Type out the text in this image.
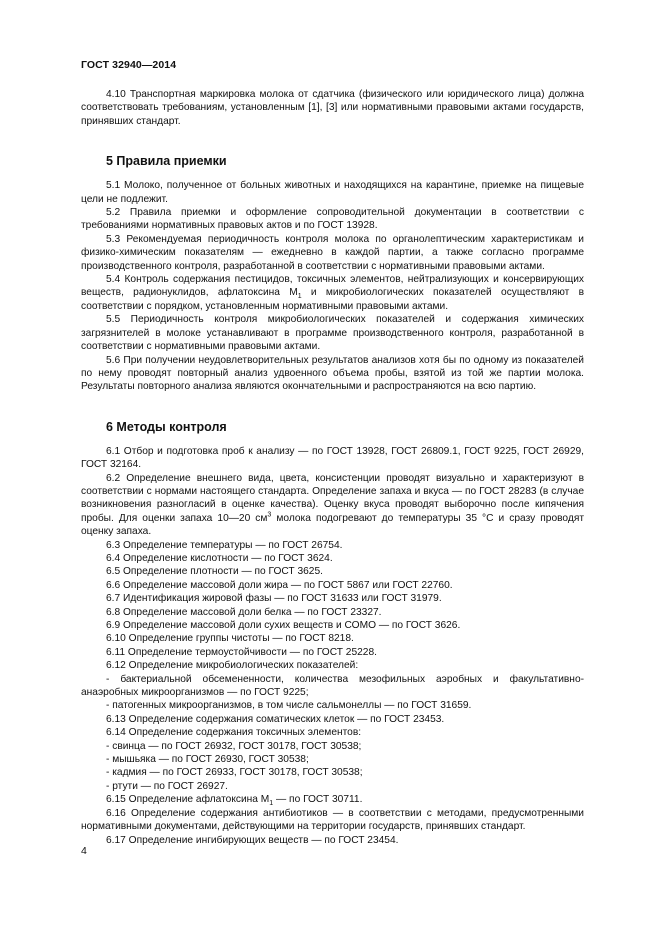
ГОСТ 32940—2014

4.10 Транспортная маркировка молока от сдатчика (физического или юридического лица) должна соответствовать требованиям, установленным [1], [3] или нормативными правовыми актами государств, принявших стандарт.

5 Правила приемки

5.1 Молоко, полученное от больных животных и находящихся на карантине, приемке на пищевые цели не подлежит.

5.2 Правила приемки и оформление сопроводительной документации в соответствии с требованиями нормативных правовых актов и по ГОСТ 13928.

5.3 Рекомендуемая периодичность контроля молока по органолептическим характеристикам и физико-химическим показателям — ежедневно в каждой партии, а также согласно программе производственного контроля, разработанной в соответствии с нормативными правовыми актами.

5.4 Контроль содержания пестицидов, токсичных элементов, нейтрализующих и консервирующих веществ, радионуклидов, афлатоксина $М_1$ и микробиологических показателей осуществляют в соответствии с порядком, установленным нормативными правовыми актами.

5.5 Периодичность контроля микробиологических показателей и содержания химических загрязнителей в молоке устанавливают в программе производственного контроля, разработанной в соответствии с нормативными правовыми актами.

5.6 При получении неудовлетворительных результатов анализов хотя бы по одному из показателей по нему проводят повторный анализ удвоенного объема пробы, взятой из той же партии молока. Результаты повторного анализа являются окончательными и распространяются на всю партию.

6 Методы контроля

6.1 Отбор и подготовка проб к анализу — по ГОСТ 13928, ГОСТ 26809.1, ГОСТ 9225, ГОСТ 26929, ГОСТ 32164.

6.2 Определение внешнего вида, цвета, консистенции проводят визуально и характеризуют в соответствии с нормами настоящего стандарта. Определение запаха и вкуса — по ГОСТ 28283 (в случае возникновения разногласий в оценке качества). Оценку вкуса проводят выборочно после кипячения пробы. Для оценки запаха 10—20 $см^3$ молока подогревают до температуры 35 °С и сразу проводят оценку запаха.

6.3 Определение температуры — по ГОСТ 26754.

6.4 Определение кислотности — по ГОСТ 3624.

6.5 Определение плотности — по ГОСТ 3625.

6.6 Определение массовой доли жира — по ГОСТ 5867 или ГОСТ 22760.

6.7 Идентификация жировой фазы — по ГОСТ 31633 или ГОСТ 31979.

6.8 Определение массовой доли белка — по ГОСТ 23327.

6.9 Определение массовой доли сухих веществ и СОМО — по ГОСТ 3626.

6.10 Определение группы чистоты — по ГОСТ 8218.

6.11 Определение термоустойчивости — по ГОСТ 25228.

6.12 Определение микробиологических показателей:

- бактериальной обсемененности, количества мезофильных аэробных и факультативно-анаэробных микроорганизмов — по ГОСТ 9225;

- патогенных микроорганизмов, в том числе сальмонеллы — по ГОСТ 31659.

6.13 Определение содержания соматических клеток — по ГОСТ 23453.

6.14 Определение содержания токсичных элементов:

- свинца — по ГОСТ 26932, ГОСТ 30178, ГОСТ 30538;

- мышьяка — по ГОСТ 26930, ГОСТ 30538;

- кадмия — по ГОСТ 26933, ГОСТ 30178, ГОСТ 30538;

- ртути — по ГОСТ 26927.

6.15 Определение афлатоксина $М_1$ — по ГОСТ 30711.

6.16 Определение содержания антибиотиков — в соответствии с методами, предусмотренными нормативными документами, действующими на территории государств, принявших стандарт.

6.17 Определение ингибирующих веществ — по ГОСТ 23454.

4
